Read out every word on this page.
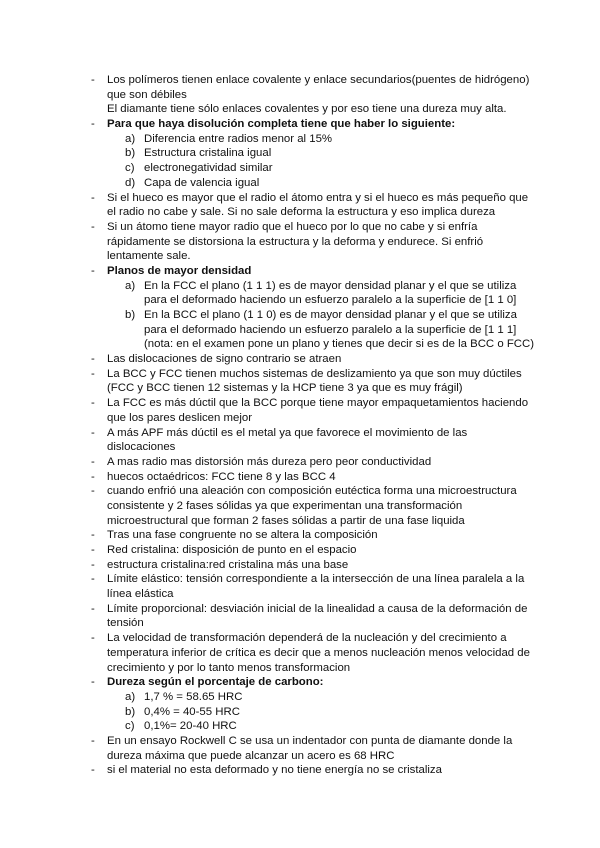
- Los polímeros tienen enlace covalente y enlace secundarios(puentes de hidrógeno)
que son débiles
El diamante tiene sólo enlaces covalentes y por eso tiene una dureza muy alta.
- Para que haya disolución completa tiene que haber lo siguiente:
a) Diferencia entre radios menor al 15%
b) Estructura cristalina igual
c) electronegatividad similar
d) Capa de valencia igual
- Si el hueco es mayor que el radio el átomo entra y si el hueco es más pequeño que
el radio no cabe y sale. Si no sale deforma la estructura y eso implica dureza
- Si un átomo tiene mayor radio que el hueco por lo que no cabe y si enfría
rápidamente se distorsiona la estructura y la deforma y endurece. Si enfrió
lentamente sale.
- Planos de mayor densidad
a) En la FCC el plano (1 1 1) es de mayor densidad planar y el que se utiliza
para el deformado haciendo un esfuerzo paralelo a la superficie de [1 1 0]
b) En la BCC el plano (1 1 0) es de mayor densidad planar y el que se utiliza
para el deformado haciendo un esfuerzo paralelo a la superficie de [1 1 1]
(nota: en el examen pone un plano y tienes que decir si es de la BCC o FCC)
- Las dislocaciones de signo contrario se atraen
- La BCC y FCC tienen muchos sistemas de deslizamiento ya que son muy dúctiles
(FCC y BCC tienen 12 sistemas y la HCP tiene 3 ya que es muy frágil)
- La FCC es más dúctil que la BCC porque tiene mayor empaquetamientos haciendo
que los pares deslicen mejor
- A más APF más dúctil es el metal ya que favorece el movimiento de las
dislocaciones
- A mas radio mas distorsión más dureza pero peor conductividad
- huecos octaédricos: FCC tiene 8 y las BCC 4
- cuando enfrió una aleación con composición eutéctica forma una microestructura
consistente y 2 fases sólidas ya que experimentan una transformación
microestructural que forman 2 fases sólidas a partir de una fase liquida
- Tras una fase congruente no se altera la composición
- Red cristalina: disposición de punto en el espacio
- estructura cristalina:red cristalina más una base
- Límite elástico: tensión correspondiente a la intersección de una línea paralela a la
línea elástica
- Límite proporcional: desviación inicial de la linealidad a causa de la deformación de
tensión
- La velocidad de transformación dependerá de la nucleación y del crecimiento a
temperatura inferior de crítica es decir que a menos nucleación menos velocidad de
crecimiento y por lo tanto menos transformacion
- Dureza según el porcentaje de carbono:
a) 1,7 % = 58.65 HRC
b) 0,4% = 40-55 HRC
c) 0,1%= 20-40 HRC
- En un ensayo Rockwell C se usa un indentador con punta de diamante donde la
dureza máxima que puede alcanzar un acero es 68 HRC
- si el material no esta deformado y no tiene energía no se cristaliza
